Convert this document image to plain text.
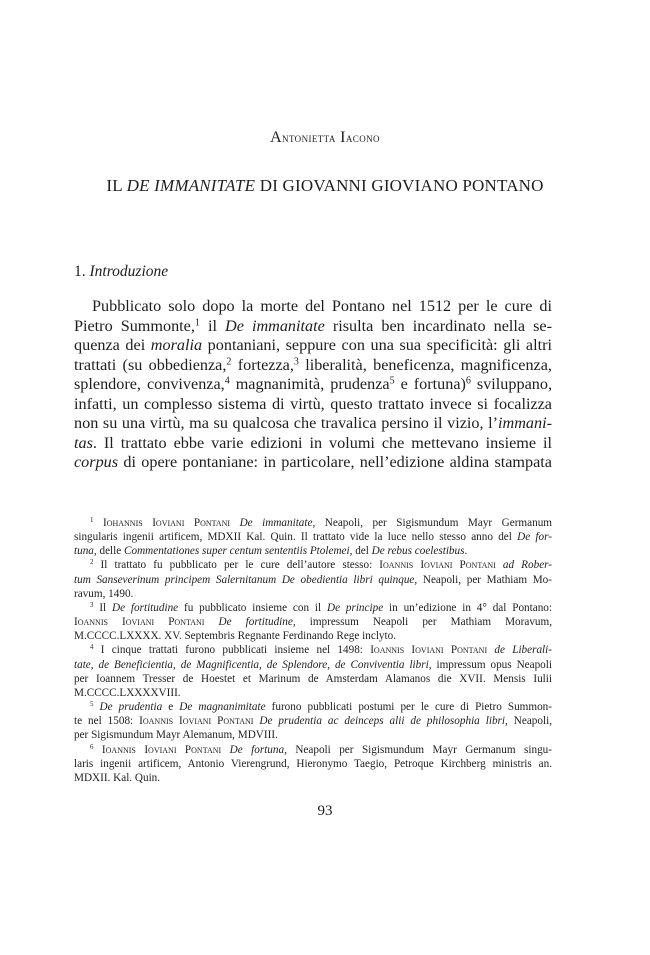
Antonietta Iacono
IL DE IMMANITATE DI GIOVANNI GIOVIANO PONTANO
1. Introduzione
Pubblicato solo dopo la morte del Pontano nel 1512 per le cure di
Pietro Summonte,$^1$ il De immanitate risulta ben incardinato nella se-
quenza dei moralia pontaniani, seppure con una sua specificità: gli altri
trattati (su obbedienza,$^2$ fortezza,$^3$ liberalità, beneficenza, magnificenza,
splendore, convivenza,$^4$ magnanimità, prudenza$^5$ e fortuna)$^6$ sviluppano,
infatti, un complesso sistema di virtù, questo trattato invece si focalizza
non su una virtù, ma su qualcosa che travalica persino il vizio, l’immani-
tas. Il trattato ebbe varie edizioni in volumi che mettevano insieme il
corpus di opere pontaniane: in particolare, nell’edizione aldina stampata
$^1$ Iohannis Ioviani Pontani De immanitate, Neapoli, per Sigismundum Mayr Germanum
singularis ingenii artificem, MDXII Kal. Quin. Il trattato vide la luce nello stesso anno del De for-
tuna, delle Commentationes super centum sententiis Ptolemei, del De rebus coelestibus.
$^2$ Il trattato fu pubblicato per le cure dell’autore stesso: Ioannis Ioviani Pontani ad Rober-
tum Sanseverinum principem Salernitanum De obedientia libri quinque, Neapoli, per Mathiam Mo-
ravum, 1490.
$^3$ Il De fortitudine fu pubblicato insieme con il De principe in un’edizione in 4° dal Pontano:
Ioannis Ioviani Pontani De fortitudine, impressum Neapoli per Mathiam Moravum,
M.CCCC.LXXXX. XV. Septembris Regnante Ferdinando Rege inclyto.
$^4$ I cinque trattati furono pubblicati insieme nel 1498: Ioannis Ioviani Pontani de Liberali-
tate, de Beneficientia, de Magnificentia, de Splendore, de Conviventia libri, impressum opus Neapoli
per Ioannem Tresser de Hoestet et Marinum de Amsterdam Alamanos die XVII. Mensis Iulii
M.CCCC.LXXXXVIII.
$^5$ De prudentia e De magnanimitate furono pubblicati postumi per le cure di Pietro Summon-
te nel 1508: Ioannis Ioviani Pontani De prudentia ac deinceps alii de philosophia libri, Neapoli,
per Sigismundum Mayr Alemanum, MDVIII.
$^6$ Ioannis Ioviani Pontani De fortuna, Neapoli per Sigismundum Mayr Germanum singu-
laris ingenii artificem, Antonio Vierengrund, Hieronymo Taegio, Petroque Kirchberg ministris an.
MDXII. Kal. Quin.
93
